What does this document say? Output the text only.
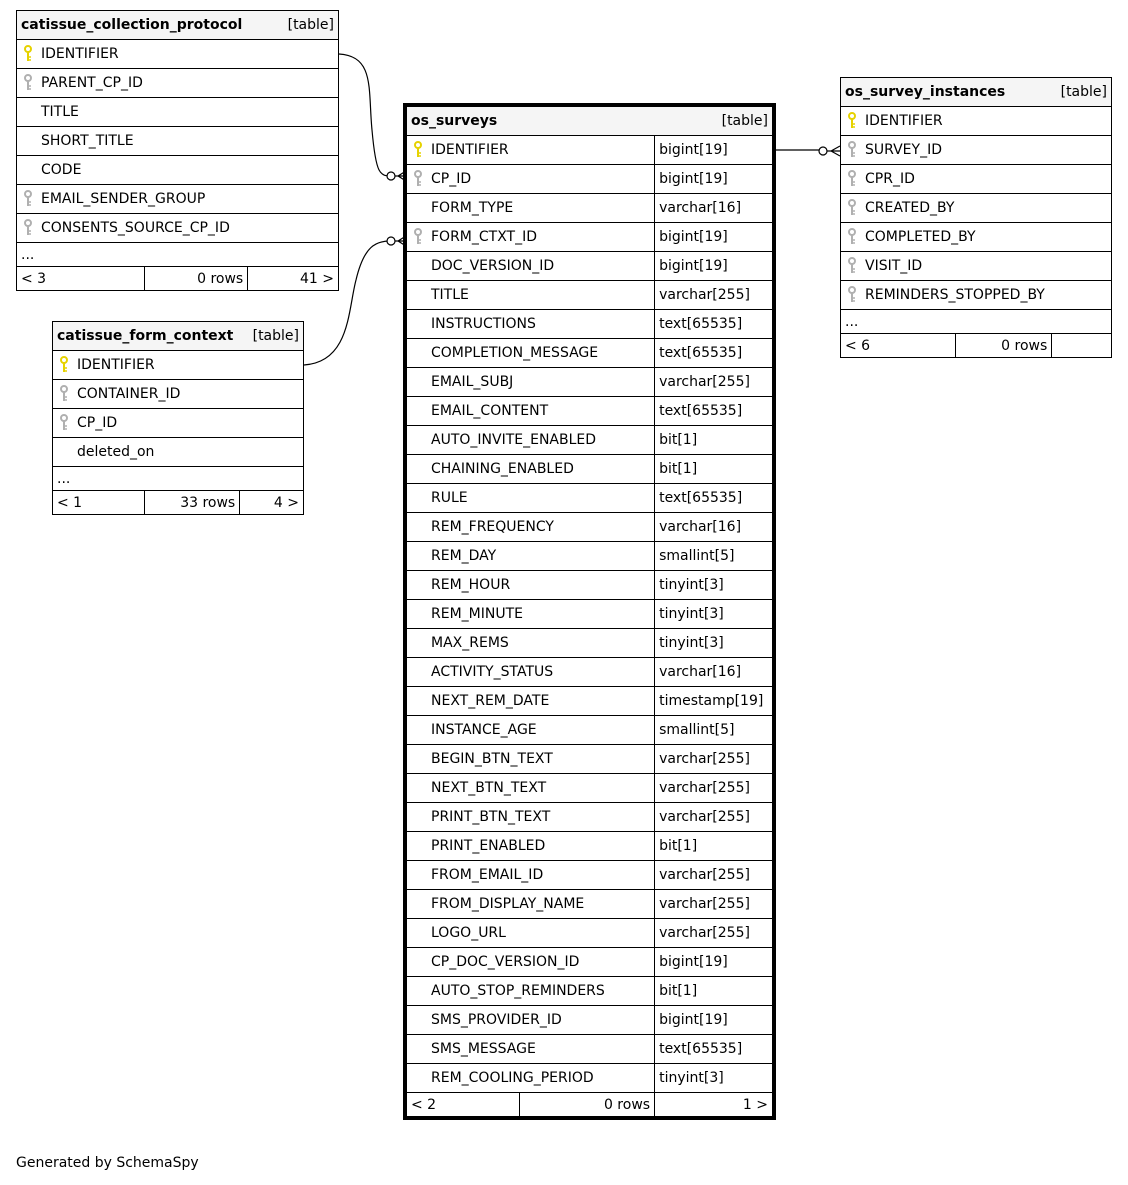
catissue_collection_protocol	[table]

IDENTIFIER

PARENT_CP_ID
TITLE
SHORT_TITLE
CODE

EMAIL_SENDER_GROUP

CONSENTS_SOURCE_CP_ID
...
< 3	0 rows	41 >
catissue_form_context [table]

IDENTIFIER

CONTAINER_ID

CP_ID
deleted_on
...
< 1	33 rows	4 >
os_surveys [table]		

IDENTIFIER		bigint[19]

CP_ID		bigint[19]
FORM_TYPE		varchar[16]

FORM_CTXT_ID		bigint[19]
DOC_VERSION_ID		bigint[19]
TITLE		varchar[255]
INSTRUCTIONS		text[65535]
COMPLETION_MESSAGE		text[65535]
EMAIL_SUBJ		varchar[255]
EMAIL_CONTENT		text[65535]
AUTO_INVITE_ENABLED		bit[1]
CHAINING_ENABLED		bit[1]
RULE		text[65535]
REM_FREQUENCY		varchar[16]
REM_DAY		smallint[5]
REM_HOUR		tinyint[3]
REM_MINUTE		tinyint[3]
MAX_REMS		tinyint[3]
ACTIVITY_STATUS		varchar[16]
NEXT_REM_DATE		timestamp[19]
INSTANCE_AGE		smallint[5]
BEGIN_BTN_TEXT		varchar[255]
NEXT_BTN_TEXT		varchar[255]
PRINT_BTN_TEXT		varchar[255]
PRINT_ENABLED		bit[1]
FROM_EMAIL_ID		varchar[255]
FROM_DISPLAY_NAME		varchar[255]
LOGO_URL		varchar[255]
CP_DOC_VERSION_ID		bigint[19]
AUTO_STOP_REMINDERS		bit[1]
SMS_PROVIDER_ID		bigint[19]
SMS_MESSAGE		text[65535]
REM_COOLING_PERIOD		tinyint[3]
< 2	0 rows	1 >
os_survey_instances	[table]

IDENTIFIER

SURVEY_ID

CPR_ID

CREATED_BY

COMPLETED_BY

VISIT_ID

REMINDERS_STOPPED_BY
...
< 6	0 rows	
Generated by SchemaSpy
